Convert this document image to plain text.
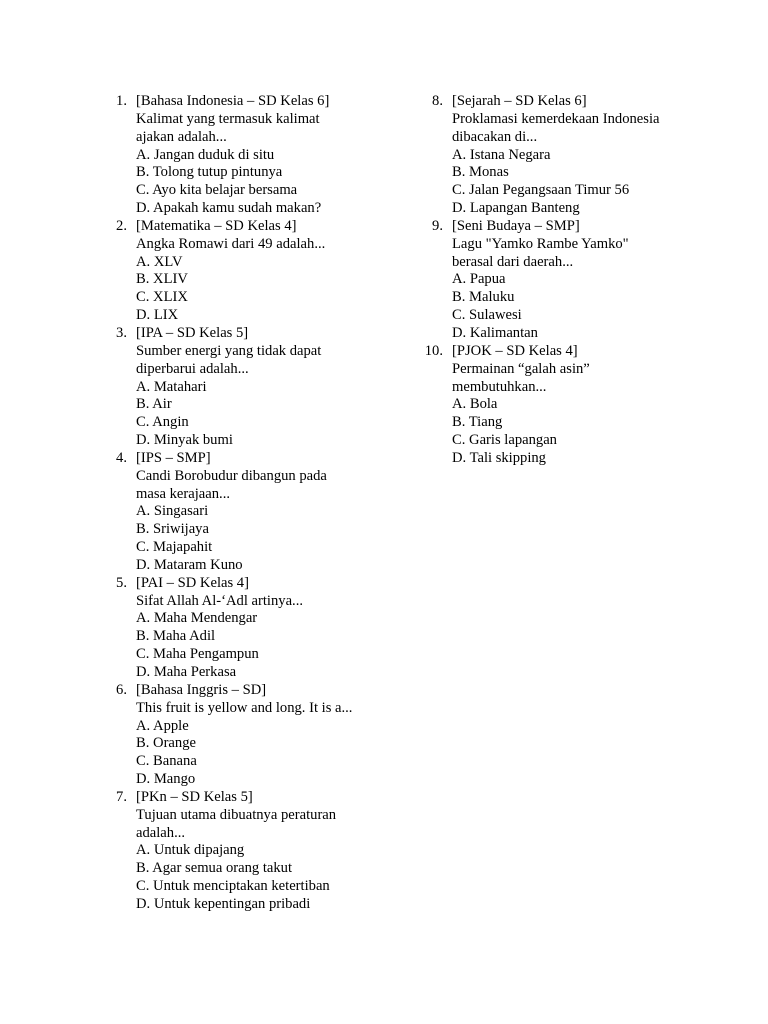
1. [Bahasa Indonesia – SD Kelas 6]
Kalimat yang termasuk kalimat
ajakan adalah...
A. Jangan duduk di situ
B. Tolong tutup pintunya
C. Ayo kita belajar bersama
D. Apakah kamu sudah makan?
2. [Matematika – SD Kelas 4]
Angka Romawi dari 49 adalah...
A. XLV
B. XLIV
C. XLIX
D. LIX
3. [IPA – SD Kelas 5]
Sumber energi yang tidak dapat
diperbarui adalah...
A. Matahari
B. Air
C. Angin
D. Minyak bumi
4. [IPS – SMP]
Candi Borobudur dibangun pada
masa kerajaan...
A. Singasari
B. Sriwijaya
C. Majapahit
D. Mataram Kuno
5. [PAI – SD Kelas 4]
Sifat Allah Al-‘Adl artinya...
A. Maha Mendengar
B. Maha Adil
C. Maha Pengampun
D. Maha Perkasa
6. [Bahasa Inggris – SD]
This fruit is yellow and long. It is a...
A. Apple
B. Orange
C. Banana
D. Mango
7. [PKn – SD Kelas 5]
Tujuan utama dibuatnya peraturan
adalah...
A. Untuk dipajang
B. Agar semua orang takut
C. Untuk menciptakan ketertiban
D. Untuk kepentingan pribadi
8. [Sejarah – SD Kelas 6]
Proklamasi kemerdekaan Indonesia
dibacakan di...
A. Istana Negara
B. Monas
C. Jalan Pegangsaan Timur 56
D. Lapangan Banteng
9. [Seni Budaya – SMP]
Lagu "Yamko Rambe Yamko"
berasal dari daerah...
A. Papua
B. Maluku
C. Sulawesi
D. Kalimantan
10. [PJOK – SD Kelas 4]
Permainan “galah asin”
membutuhkan...
A. Bola
B. Tiang
C. Garis lapangan
D. Tali skipping
